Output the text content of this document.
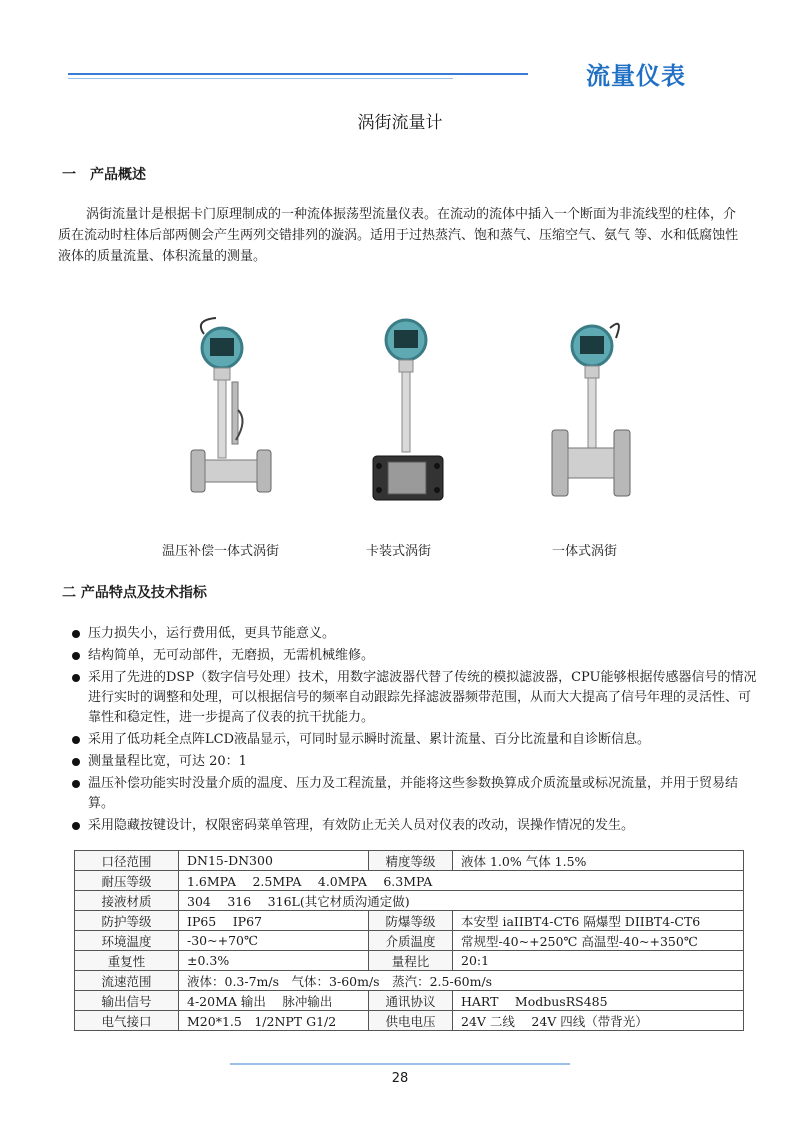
流量仪表
涡街流量计
一　产品概述
涡街流量计是根据卡门原理制成的一种流体振荡型流量仪表。在流动的流体中插入一个断面为非流线型的柱体，介质在流动时柱体后部两侧会产生两列交错排列的漩涡。适用于过热蒸汽、饱和蒸气、压缩空气、氨气 等、水和低腐蚀性液体的质量流量、体积流量的测量。
温压补偿一体式涡街	卡装式涡街	一体式涡街
二 产品特点及技术指标
压力损失小，运行费用低，更具节能意义。
结构简单，无可动部件，无磨损，无需机械维修。
采用了先进的DSP（数字信号处理）技术，用数字滤波器代替了传统的模拟滤波器，CPU能够根据传感器信号的情况进行实时的调整和处理，可以根据信号的频率自动跟踪先择滤波器频带范围，从而大大提高了信号年理的灵活性、可靠性和稳定性，进一步提高了仪表的抗干扰能力。
采用了低功耗全点阵LCD液晶显示，可同时显示瞬时流量、累计流量、百分比流量和自诊断信息。
测量量程比宽，可达 20：1
温压补偿功能实时没量介质的温度、压力及工程流量，并能将这些参数换算成介质流量或标况流量，并用于贸易结算。
采用隐藏按键设计，权限密码菜单管理，有效防止无关人员对仪表的改动，误操作情况的发生。
口径范围	DN15-DN300	精度等级	液体 1.0% 气体 1.5%
耐压等级	1.6MPA　 2.5MPA　 4.0MPA　 6.3MPA		
接液材质	304　 316　 316L(其它材质沟通定做)		
防护等级	IP65　 IP67	防爆等级	本安型 iaIIBT4-CT6 隔爆型 DIIBT4-CT6
环境温度	-30~+70℃	介质温度	常规型-40~+250℃ 高温型-40~+350℃
重复性	±0.3%	量程比	20:1
流速范围	液体：0.3-7m/s　气体：3-60m/s　蒸汽：2.5-60m/s		
输出信号	4-20MA 输出　 脉冲输出	通讯协议	HART　 ModbusRS485
电气接口	M20*1.5　1/2NPT G1/2	供电电压	24V 二线　 24V 四线（带背光）
28
